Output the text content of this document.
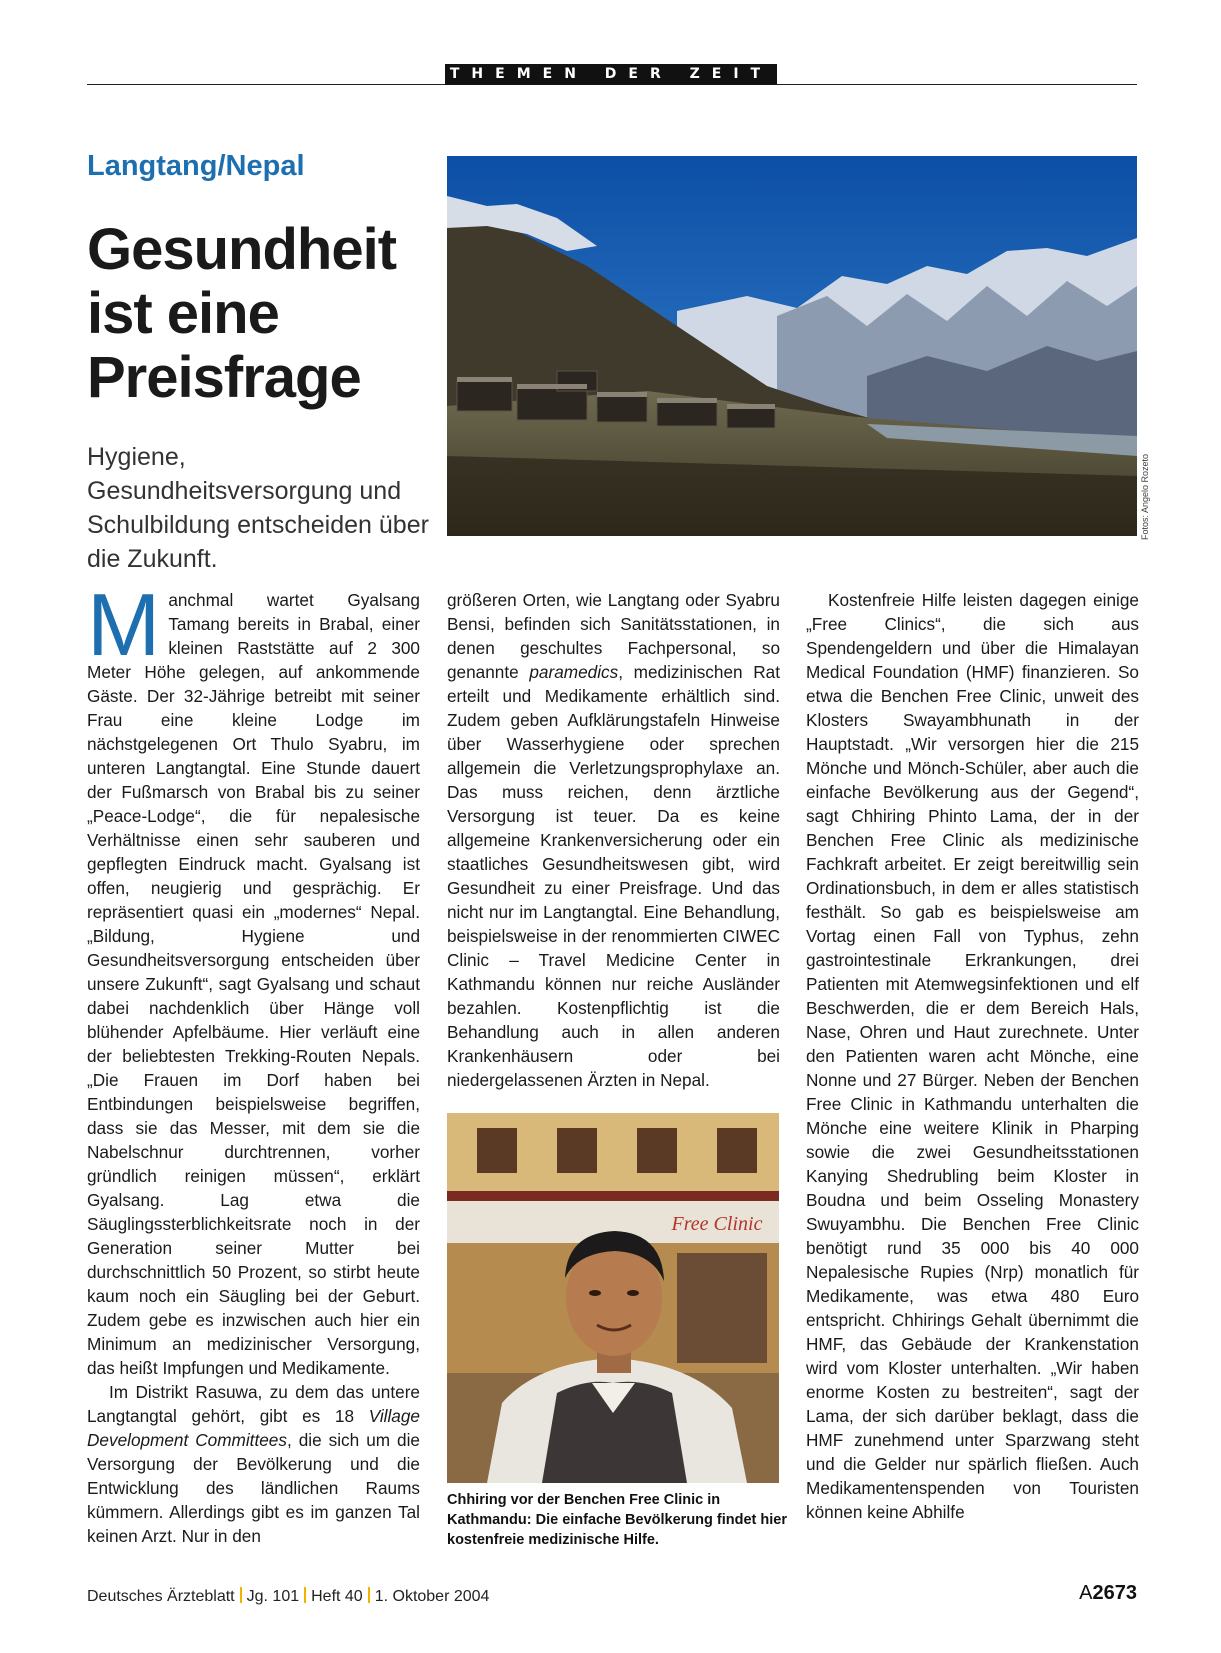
THEMEN DER ZEIT
Langtang/Nepal
Gesundheit ist eine Preisfrage
Hygiene, Gesundheitsversorgung und Schulbildung entscheiden über die Zukunft.
Fotos: Angelo Rozeto

Manchmal wartet Gyalsang Tamang bereits in Brabal, einer kleinen Raststätte auf 2 300 Meter Höhe gelegen, auf ankommende Gäste. Der 32-Jährige betreibt mit seiner Frau eine kleine Lodge im nächstgelegenen Ort Thulo Syabru, im unteren Langtangtal. Eine Stunde dauert der Fußmarsch von Brabal bis zu seiner „Peace-Lodge“, die für nepalesische Verhältnisse einen sehr sauberen und gepflegten Eindruck macht. Gyalsang ist offen, neugierig und gesprächig. Er repräsentiert quasi ein „modernes“ Nepal. „Bildung, Hygiene und Gesundheitsversorgung entscheiden über unsere Zukunft“, sagt Gyalsang und schaut dabei nachdenklich über Hänge voll blühender Apfelbäume. Hier verläuft eine der beliebtesten Trekking-Routen Nepals. „Die Frauen im Dorf haben bei Entbindungen beispielsweise begriffen, dass sie das Messer, mit dem sie die Nabelschnur durchtrennen, vorher gründlich reinigen müssen“, erklärt Gyalsang. Lag etwa die Säuglingssterblichkeitsrate noch in der Generation seiner Mutter bei durchschnittlich 50 Prozent, so stirbt heute kaum noch ein Säugling bei der Geburt. Zudem gebe es inzwischen auch hier ein Minimum an medizinischer Versorgung, das heißt Impfungen und Medikamente.

Im Distrikt Rasuwa, zu dem das untere Langtangtal gehört, gibt es 18 Village Development Committees, die sich um die Versorgung der Bevölkerung und die Entwicklung des ländlichen Raums kümmern. Allerdings gibt es im ganzen Tal keinen Arzt. Nur in den

größeren Orten, wie Langtang oder Syabru Bensi, befinden sich Sanitätsstationen, in denen geschultes Fachpersonal, so genannte paramedics, medizinischen Rat erteilt und Medikamente erhältlich sind. Zudem geben Aufklärungstafeln Hinweise über Wasserhygiene oder sprechen allgemein die Verletzungsprophylaxe an. Das muss reichen, denn ärztliche Versorgung ist teuer. Da es keine allgemeine Krankenversicherung oder ein staatliches Gesundheitswesen gibt, wird Gesundheit zu einer Preisfrage. Und das nicht nur im Langtangtal. Eine Behandlung, beispielsweise in der renommierten CIWEC Clinic – Travel Medicine Center in Kathmandu können nur reiche Ausländer bezahlen. Kostenpflichtig ist die Behandlung auch in allen anderen Krankenhäusern oder bei niedergelassenen Ärzten in Nepal.

Free Clinic
Chhiring vor der Benchen Free Clinic in Kathmandu: Die einfache Bevölkerung findet hier kostenfreie medizinische Hilfe.

Kostenfreie Hilfe leisten dagegen einige „Free Clinics“, die sich aus Spendengeldern und über die Himalayan Medical Foundation (HMF) finanzieren. So etwa die Benchen Free Clinic, unweit des Klosters Swayambhunath in der Hauptstadt. „Wir versorgen hier die 215 Mönche und Mönch-Schüler, aber auch die einfache Bevölkerung aus der Gegend“, sagt Chhiring Phinto Lama, der in der Benchen Free Clinic als medizinische Fachkraft arbeitet. Er zeigt bereitwillig sein Ordinationsbuch, in dem er alles statistisch festhält. So gab es beispielsweise am Vortag einen Fall von Typhus, zehn gastrointestinale Erkrankungen, drei Patienten mit Atemwegsinfektionen und elf Beschwerden, die er dem Bereich Hals, Nase, Ohren und Haut zurechnete. Unter den Patienten waren acht Mönche, eine Nonne und 27 Bürger. Neben der Benchen Free Clinic in Kathmandu unterhalten die Mönche eine weitere Klinik in Pharping sowie die zwei Gesundheitsstationen Kanying Shedrubling beim Kloster in Boudna und beim Osseling Monastery Swuyambhu. Die Benchen Free Clinic benötigt rund 35 000 bis 40 000 Nepalesische Rupies (Nrp) monatlich für Medikamente, was etwa 480 Euro entspricht. Chhirings Gehalt übernimmt die HMF, das Gebäude der Krankenstation wird vom Kloster unterhalten. „Wir haben enorme Kosten zu bestreiten“, sagt der Lama, der sich darüber beklagt, dass die HMF zunehmend unter Sparzwang steht und die Gelder nur spärlich fließen. Auch Medikamentenspenden von Touristen können keine Abhilfe

Deutsches Ärzteblatt Jg. 101 Heft 40 1. Oktober 2004	A2673
